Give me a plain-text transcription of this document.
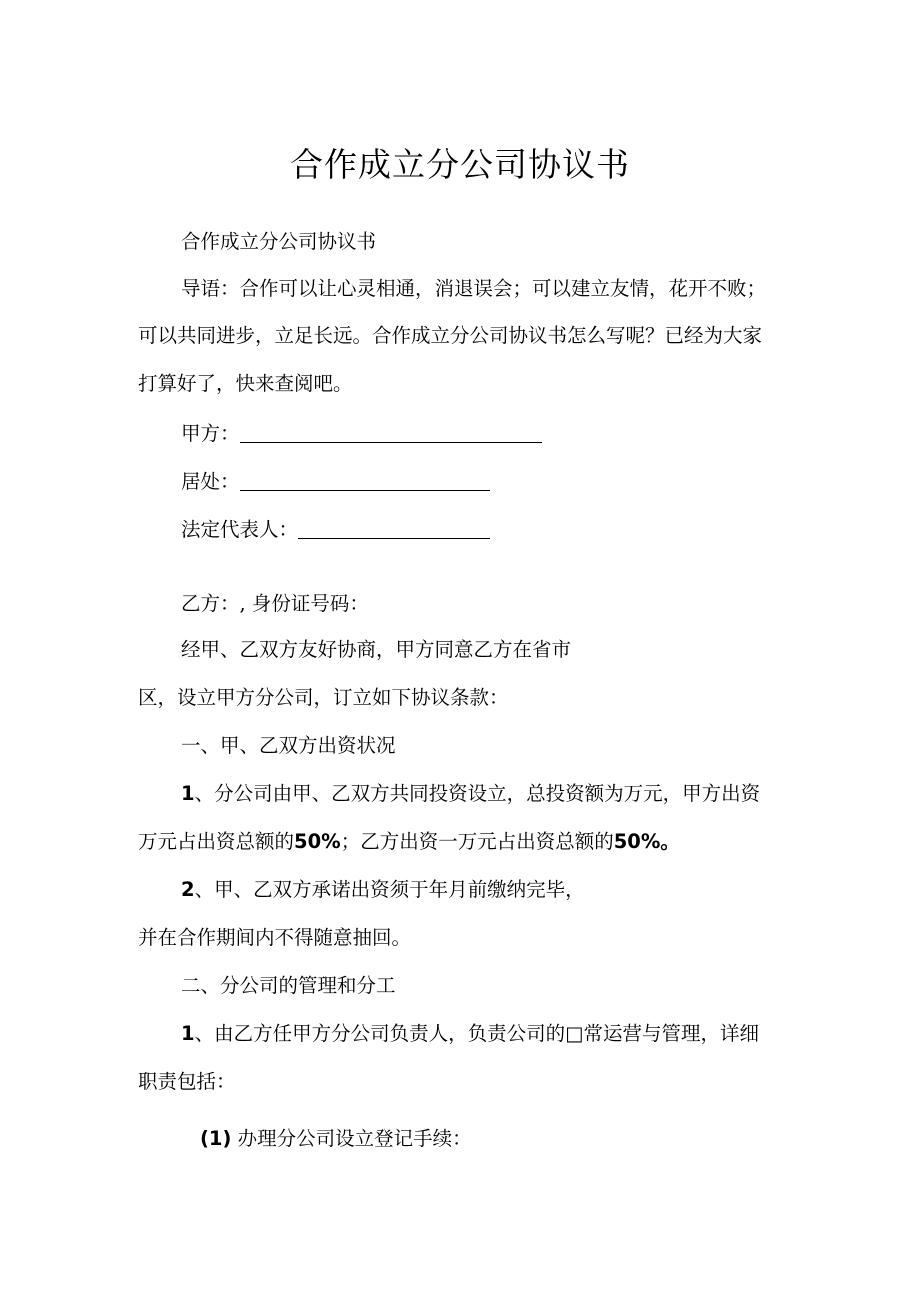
合作成立分公司协议书
合作成立分公司协议书
导语：合作可以让心灵相通，消退误会；可以建立友情，花开不败；
可以共同进步，立足长远。合作成立分公司协议书怎么写呢？已经为大家
打算好了，快来查阅吧。
甲方：
居处：
法定代表人：
乙方：, 身份证号码：
经甲、乙双方友好协商，甲方同意乙方在省市
区，设立甲方分公司，订立如下协议条款：
一、甲、乙双方出资状况
1、分公司由甲、乙双方共同投资设立，总投资额为万元，甲方出资
万元占出资总额的50%；乙方出资一万元占出资总额的50%。
2、甲、乙双方承诺出资须于年月前缴纳完毕，
并在合作期间内不得随意抽回。
二、分公司的管理和分工
1、由乙方任甲方分公司负责人，负责公司的□常运营与管理，详细
职责包括：
(1) 办理分公司设立登记手续：
